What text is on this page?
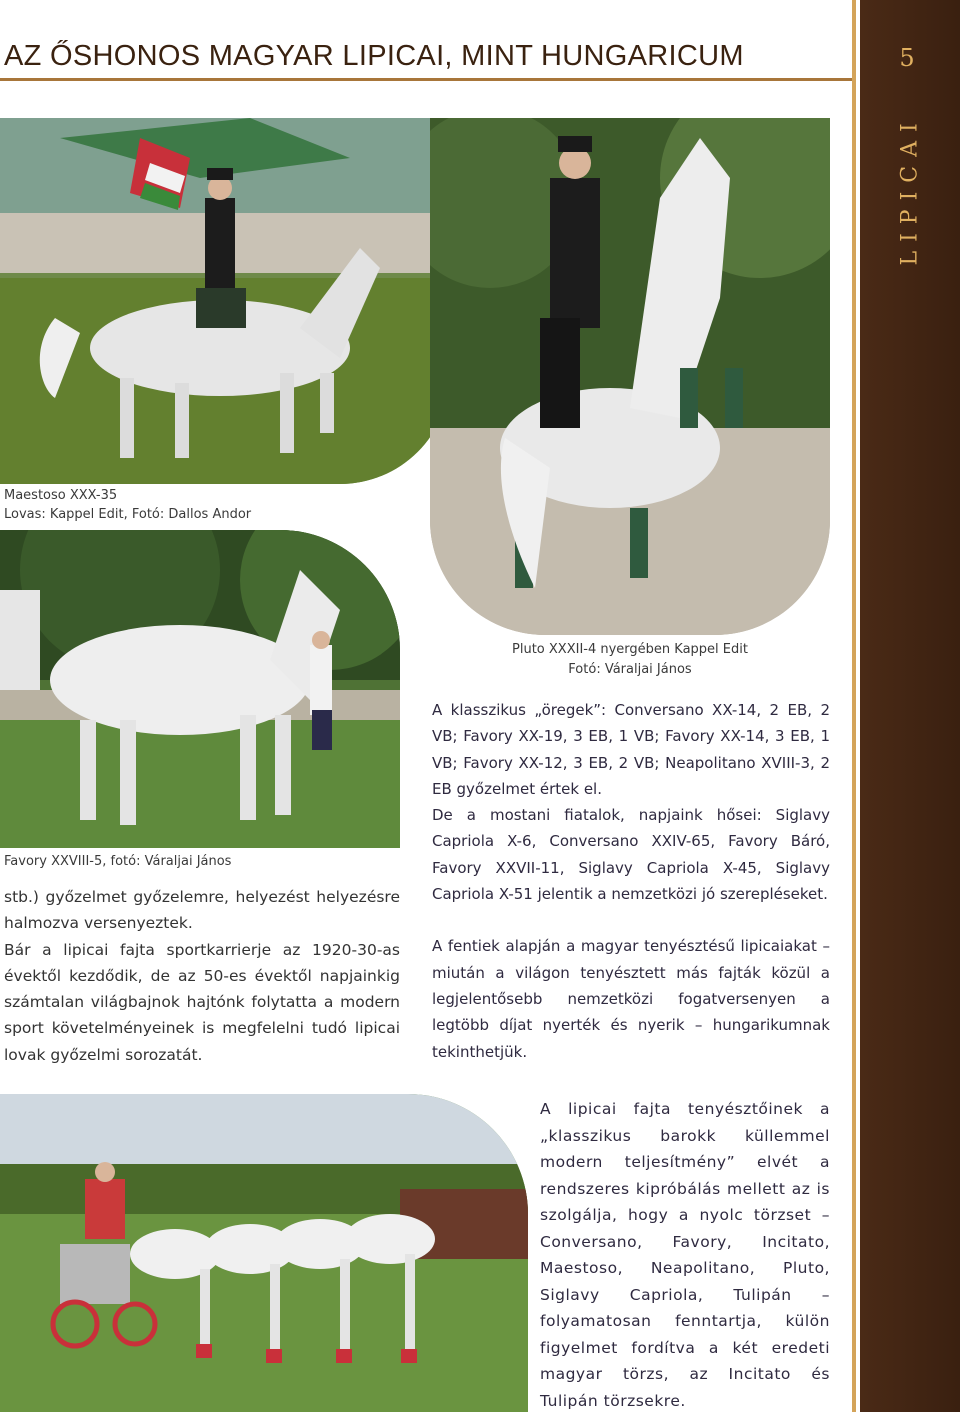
AZ ŐSHONOS MAGYAR LIPICAI, MINT HUNGARICUM	5
LIPICAI
Maestoso XXX-35
Lovas: Kappel Edit, Fotó: Dallos Andor
Pluto XXXII-4 nyergében Kappel Edit
Fotó: Váraljai János
Favory XXVIII-5, fotó: Váraljai János

stb.) győzelmet győzelemre, helyezést helyezésre halmozva versenyeztek.

Bár a lipicai fajta sportkarrierje az 1920-30-as évektől kezdődik, de az 50-es évektől napjainkig számtalan világbajnok hajtónk folytatta a modern sport követelményeinek is megfelelni tudó lipicai lovak győzelmi sorozatát.

A klasszikus „öregek”: Conversano XX-14, 2 EB, 2 VB; Favory XX-19, 3 EB, 1 VB; Favory XX-14, 3 EB, 1 VB; Favory XX-12, 3 EB, 2 VB; Neapolitano XVIII-3, 2 EB győzelmet értek el.

De a mostani fiatalok, napjaink hősei: Siglavy Capriola X-6, Conversano XXIV-65, Favory Báró, Favory XXVII-11, Siglavy Capriola X-45, Siglavy Capriola X-51 jelentik a nemzetközi jó szerepléseket.

A fentiek alapján a magyar tenyésztésű lipicaiakat – miután a világon tenyésztett más fajták közül a legjelentősebb nemzetközi fogatversenyen a legtöbb díjat nyerték és nyerik – hungarikumnak tekinthetjük.

A lipicai fajta tenyésztőinek a „klasszikus barokk küllemmel modern teljesítmény” elvét a rendszeres kipróbálás mellett az is szolgálja, hogy a nyolc törzset – Conversano, Favory, Incitato, Maestoso, Neapolitano, Pluto, Siglavy Capriola, Tulipán – folyamatosan fenntartja, külön figyelmet fordítva a két eredeti magyar törzs, az Incitato és Tulipán törzsekre.
